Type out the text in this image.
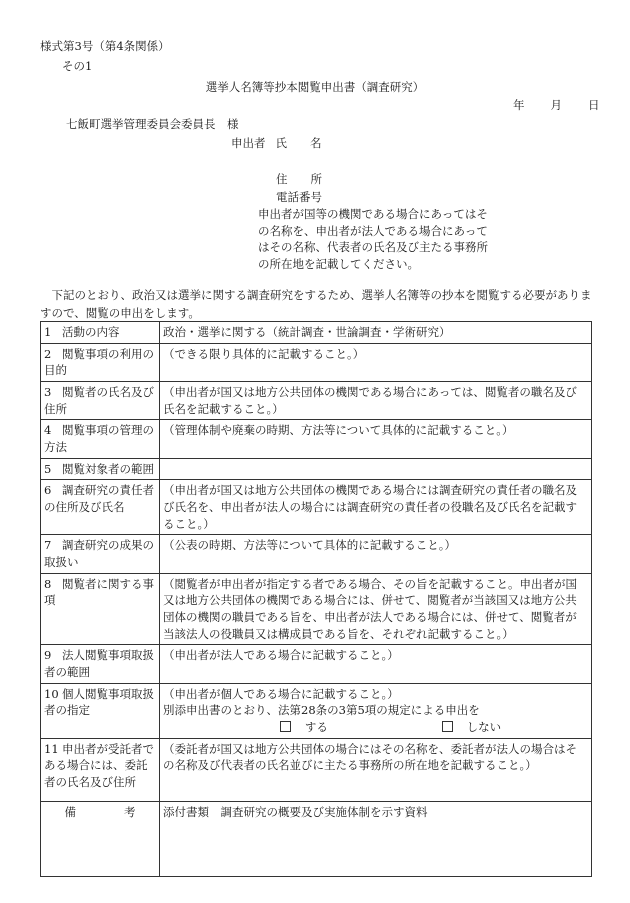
様式第3号（第4条関係）
その1
選挙人名簿等抄本閲覧申出書（調査研究）
年 月 日
七飯町選挙管理委員会委員長　様
申出者 氏　　名
住　　所
電話番号
申出者が国等の機関である場合にあってはその名称を、申出者が法人である場合にあってはその名称、代表者の氏名及び主たる事務所の所在地を記載してください。
　下記のとおり、政治又は選挙に関する調査研究をするため、選挙人名簿等の抄本を閲覧する必要がありますので、閲覧の申出をします。
1 活動の内容	政治・選挙に関する（統計調査・世論調査・学術研究）
2 閲覧事項の利用の目的	（できる限り具体的に記載すること。）
3 閲覧者の氏名及び住所	（申出者が国又は地方公共団体の機関である場合にあっては、閲覧者の職名及び氏名を記載すること。）
4 閲覧事項の管理の方法	（管理体制や廃棄の時期、方法等について具体的に記載すること。）
5 閲覧対象者の範囲	
6 調査研究の責任者の住所及び氏名	（申出者が国又は地方公共団体の機関である場合には調査研究の責任者の職名及び氏名を、申出者が法人の場合には調査研究の責任者の役職名及び氏名を記載すること。）
7 調査研究の成果の取扱い	（公表の時期、方法等について具体的に記載すること。）
8 閲覧者に関する事項	（閲覧者が申出者が指定する者である場合、その旨を記載すること。申出者が国又は地方公共団体の機関である場合には、併せて、閲覧者が当該国又は地方公共団体の機関の職員である旨を、申出者が法人である場合には、併せて、閲覧者が当該法人の役職員又は構成員である旨を、それぞれ記載すること。）
9 法人閲覧事項取扱者の範囲	（申出者が法人である場合に記載すること。）
10 個人閲覧事項取扱者の指定	（申出者が個人である場合に記載すること。）
別添申出書のとおり、法第28条の3第5項の規定による申出を
する しない

11 申出者が受託者である場合には、委託者の氏名及び住所	（委託者が国又は地方公共団体の場合にはその名称を、委託者が法人の場合はその名称及び代表者の氏名並びに主たる事務所の所在地を記載すること。）
備 考	添付書類　調査研究の概要及び実施体制を示す資料
